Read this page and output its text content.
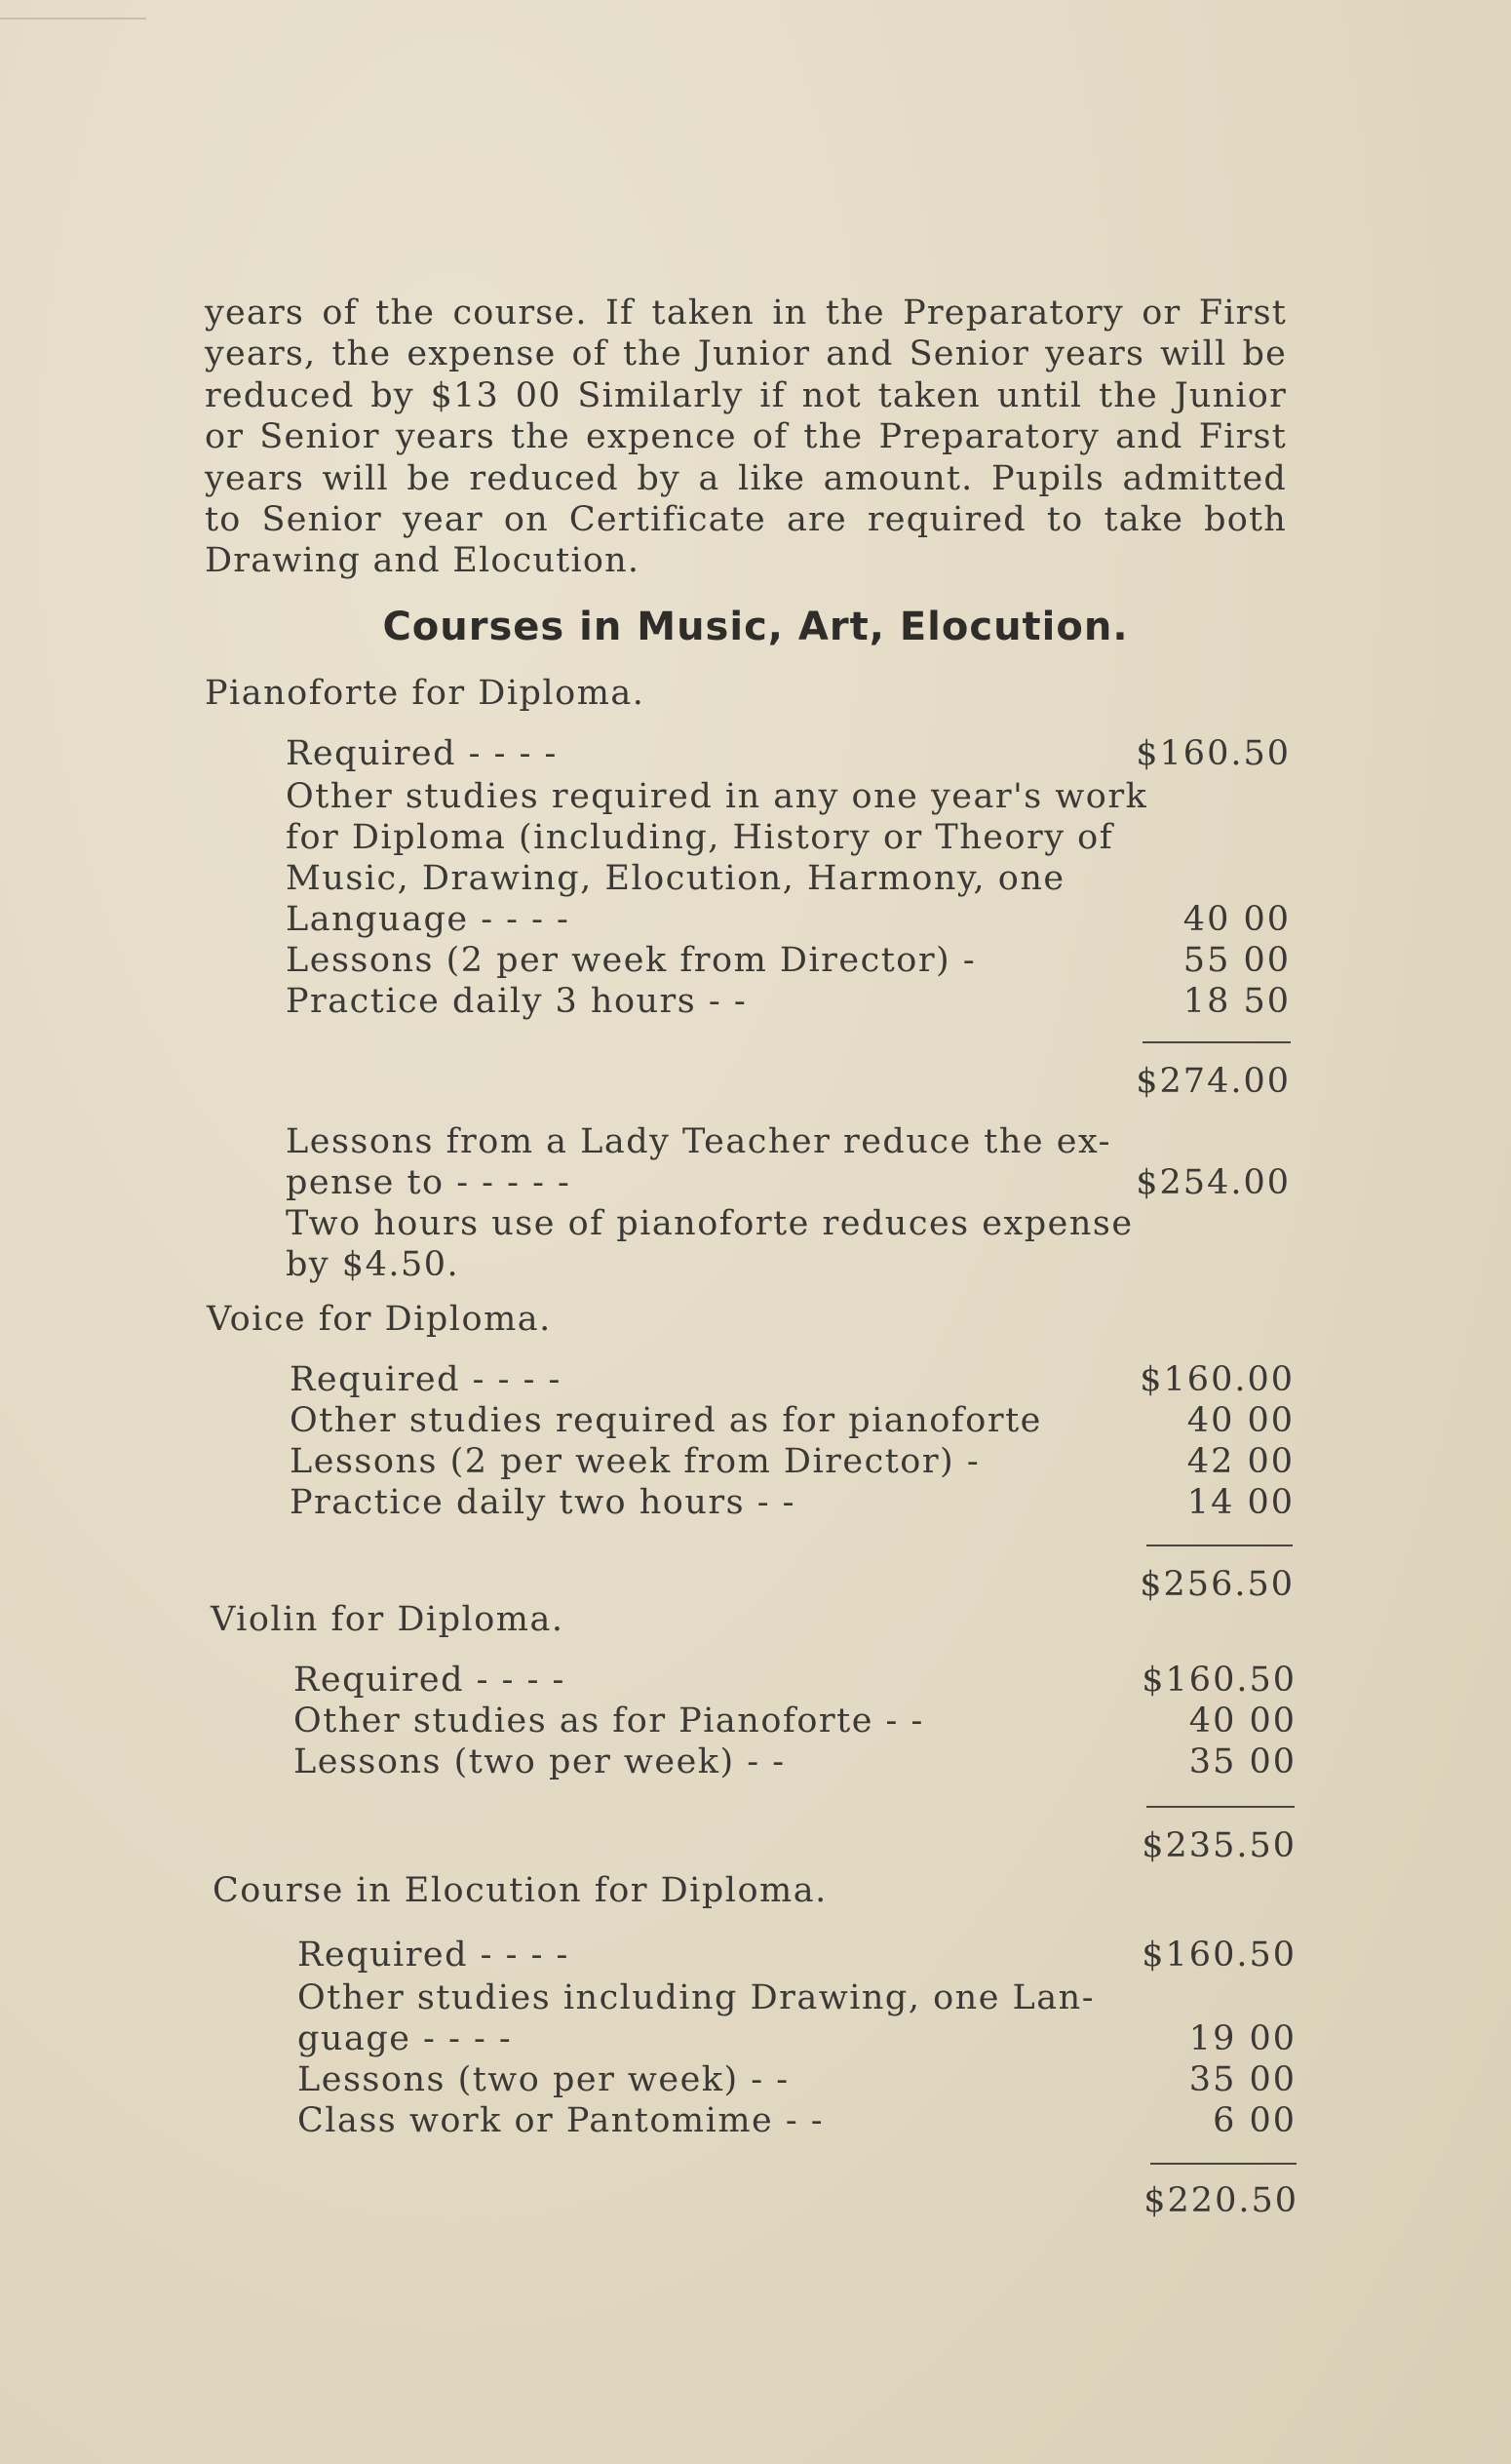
years of the course. If taken in the Preparatory or First
years, the expense of the Junior and Senior years will be
reduced by $13 00 Similarly if not taken until the Junior
or Senior years the expence of the Preparatory and First
years will be reduced by a like amount. Pupils admitted
to Senior year on Certificate are required to take both
Drawing and Elocution.
Courses in Music, Art, Elocution.
Pianoforte for Diploma.
Required - - - -	$160.50
Other studies required in any one year's work
for Diploma (including, History or Theory of
Music, Drawing, Elocution, Harmony, one
Language - - - -	40 00
Lessons (2 per week from Director) -	55 00
Practice daily 3 hours - -	18 50
$274.00
Lessons from a Lady Teacher reduce the ex-
pense to - - - - -	$254.00
Two hours use of pianoforte reduces expense
by $4.50.
Voice for Diploma.
Required - - - -	$160.00
Other studies required as for pianoforte	40 00
Lessons (2 per week from Director) -	42 00
Practice daily two hours - -	14 00
$256.50
Violin for Diploma.
Required - - - -	$160.50
Other studies as for Pianoforte - -	40 00
Lessons (two per week) - -	35 00
$235.50
Course in Elocution for Diploma.
Required - - - -	$160.50
Other studies including Drawing, one Lan-
guage - - - -	19 00
Lessons (two per week) - -	35 00
Class work or Pantomime - -	6 00
$220.50
